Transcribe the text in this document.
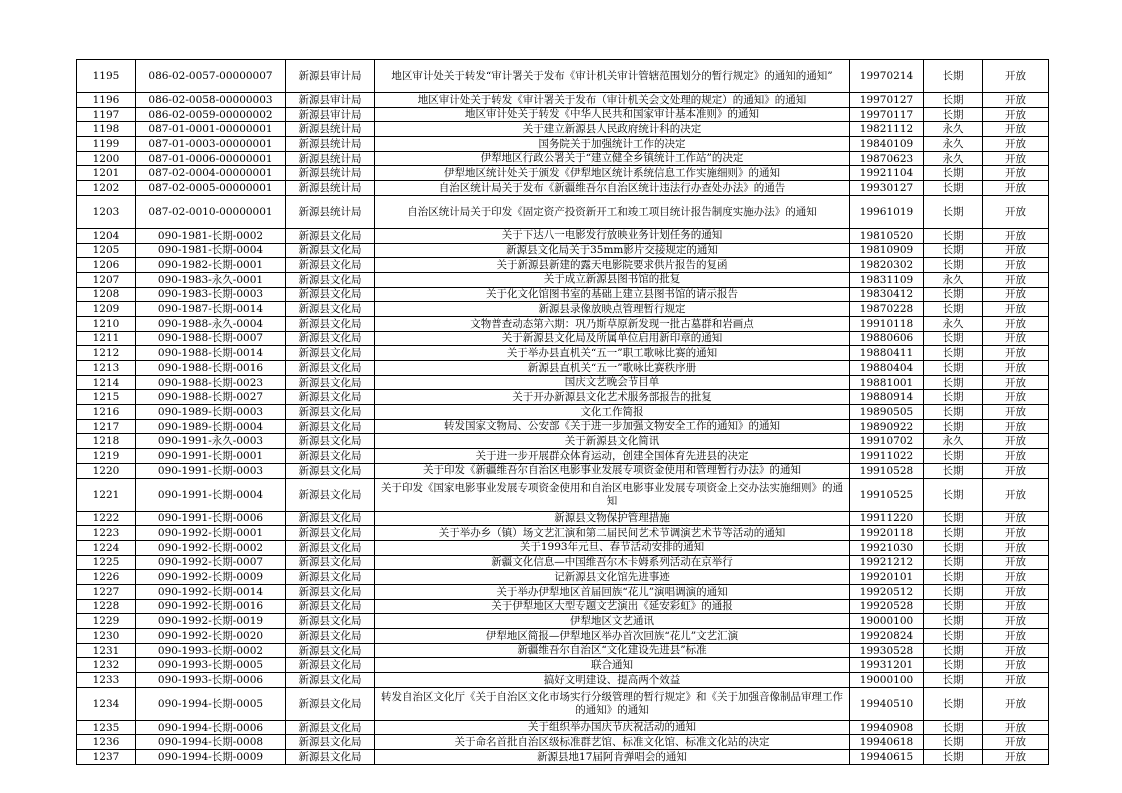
1195	086-02-0057-00000007	新源县审计局	地区审计处关于转发“审计署关于发布《审计机关审计管辖范围划分的暂行规定》的通知的通知”	19970214	长期	开放
1196	086-02-0058-00000003	新源县审计局	地区审计处关于转发《审计署关于发布（审计机关会文处理的规定）的通知》的通知	19970127	长期	开放
1197	086-02-0059-00000002	新源县审计局	地区审计处关于转发《中华人民共和国家审计基本准则》的通知	19970117	长期	开放
1198	087-01-0001-00000001	新源县统计局	关于建立新源县人民政府统计科的决定	19821112	永久	开放
1199	087-01-0003-00000001	新源县统计局	国务院关于加强统计工作的决定	19840109	永久	开放
1200	087-01-0006-00000001	新源县统计局	伊犁地区行政公署关于“建立健全乡镇统计工作站”的决定	19870623	永久	开放
1201	087-02-0004-00000001	新源县统计局	伊犁地区统计处关于颁发《伊犁地区统计系统信息工作实施细则》的通知	19921104	长期	开放
1202	087-02-0005-00000001	新源县统计局	自治区统计局关于发布《新疆维吾尔自治区统计违法行办查处办法》的通告	19930127	长期	开放
1203	087-02-0010-00000001	新源县统计局	自治区统计局关于印发《固定资产投资新开工和竣工项目统计报告制度实施办法》的通知	19961019	长期	开放
1204	090-1981-长期-0002	新源县文化局	关于下达八一电影发行放映业务计划任务的通知	19810520	长期	开放
1205	090-1981-长期-0004	新源县文化局	新源县文化局关于35mm影片交接规定的通知	19810909	长期	开放
1206	090-1982-长期-0001	新源县文化局	关于新源县新建的露天电影院要求供片报告的复函	19820302	长期	开放
1207	090-1983-永久-0001	新源县文化局	关于成立新源县图书馆的批复	19831109	永久	开放
1208	090-1983-长期-0003	新源县文化局	关于化文化馆图书室的基础上建立县图书馆的请示报告	19830412	长期	开放
1209	090-1987-长期-0014	新源县文化局	新源县录像放映点管理暂行规定	19870228	长期	开放
1210	090-1988-永久-0004	新源县文化局	文物普查动态第六期：巩乃斯草原新发现一批古墓群和岩画点	19910118	永久	开放
1211	090-1988-长期-0007	新源县文化局	关于新源县文化局及所属单位启用新印章的通知	19880606	长期	开放
1212	090-1988-长期-0014	新源县文化局	关于举办县直机关“五一”职工歌咏比赛的通知	19880411	长期	开放
1213	090-1988-长期-0016	新源县文化局	新源县直机关“五一”歌咏比赛秩序册	19880404	长期	开放
1214	090-1988-长期-0023	新源县文化局	国庆文艺晚会节目单	19881001	长期	开放
1215	090-1988-长期-0027	新源县文化局	关于开办新源县文化艺术服务部报告的批复	19880914	长期	开放
1216	090-1989-长期-0003	新源县文化局	文化工作简报	19890505	长期	开放
1217	090-1989-长期-0004	新源县文化局	转发国家文物局、公安部《关于进一步加强文物安全工作的通知》的通知	19890922	长期	开放
1218	090-1991-永久-0003	新源县文化局	关于新源县文化简讯	19910702	永久	开放
1219	090-1991-长期-0001	新源县文化局	关于进一步开展群众体育运动，创建全国体育先进县的决定	19911022	长期	开放
1220	090-1991-长期-0003	新源县文化局	关于印发《新疆维吾尔自治区电影事业发展专项资金使用和管理暂行办法》的通知	19910528	长期	开放
1221	090-1991-长期-0004	新源县文化局	关于印发《国家电影事业发展专项资金使用和自治区电影事业发展专项资金上交办法实施细则》的通知	19910525	长期	开放
1222	090-1991-长期-0006	新源县文化局	新源县文物保护管理措施	19911220	长期	开放
1223	090-1992-长期-0001	新源县文化局	关于举办乡（镇）场文艺汇演和第二届民间艺术节调演艺术节等活动的通知	19920118	长期	开放
1224	090-1992-长期-0002	新源县文化局	关于1993年元旦、春节活动安排的通知	19921030	长期	开放
1225	090-1992-长期-0007	新源县文化局	新疆文化信息—中国维吾尔木卡姆系列活动在京举行	19921212	长期	开放
1226	090-1992-长期-0009	新源县文化局	记新源县文化馆先进事迹	19920101	长期	开放
1227	090-1992-长期-0014	新源县文化局	关于举办伊犁地区首届回族“花儿”演唱调演的通知	19920512	长期	开放
1228	090-1992-长期-0016	新源县文化局	关于伊犁地区大型专题文艺演出《延安彩虹》的通报	19920528	长期	开放
1229	090-1992-长期-0019	新源县文化局	伊犁地区文艺通讯	19000100	长期	开放
1230	090-1992-长期-0020	新源县文化局	伊犁地区简报—伊犁地区举办首次回族“花儿”文艺汇演	19920824	长期	开放
1231	090-1993-长期-0002	新源县文化局	新疆维吾尔自治区“文化建设先进县”标准	19930528	长期	开放
1232	090-1993-长期-0005	新源县文化局	联合通知	19931201	长期	开放
1233	090-1993-长期-0006	新源县文化局	搞好文明建设、提高两个效益	19000100	长期	开放
1234	090-1994-长期-0005	新源县文化局	转发自治区文化厅《关于自治区文化市场实行分级管理的暂行规定》和《关于加强音像制品审理工作的通知》的通知	19940510	长期	开放
1235	090-1994-长期-0006	新源县文化局	关于组织举办国庆节庆祝活动的通知	19940908	长期	开放
1236	090-1994-长期-0008	新源县文化局	关于命名首批自治区级标准群艺馆、标准文化馆、标准文化站的决定	19940618	长期	开放
1237	090-1994-长期-0009	新源县文化局	新源县地17届阿肯弹唱会的通知	19940615	长期	开放
